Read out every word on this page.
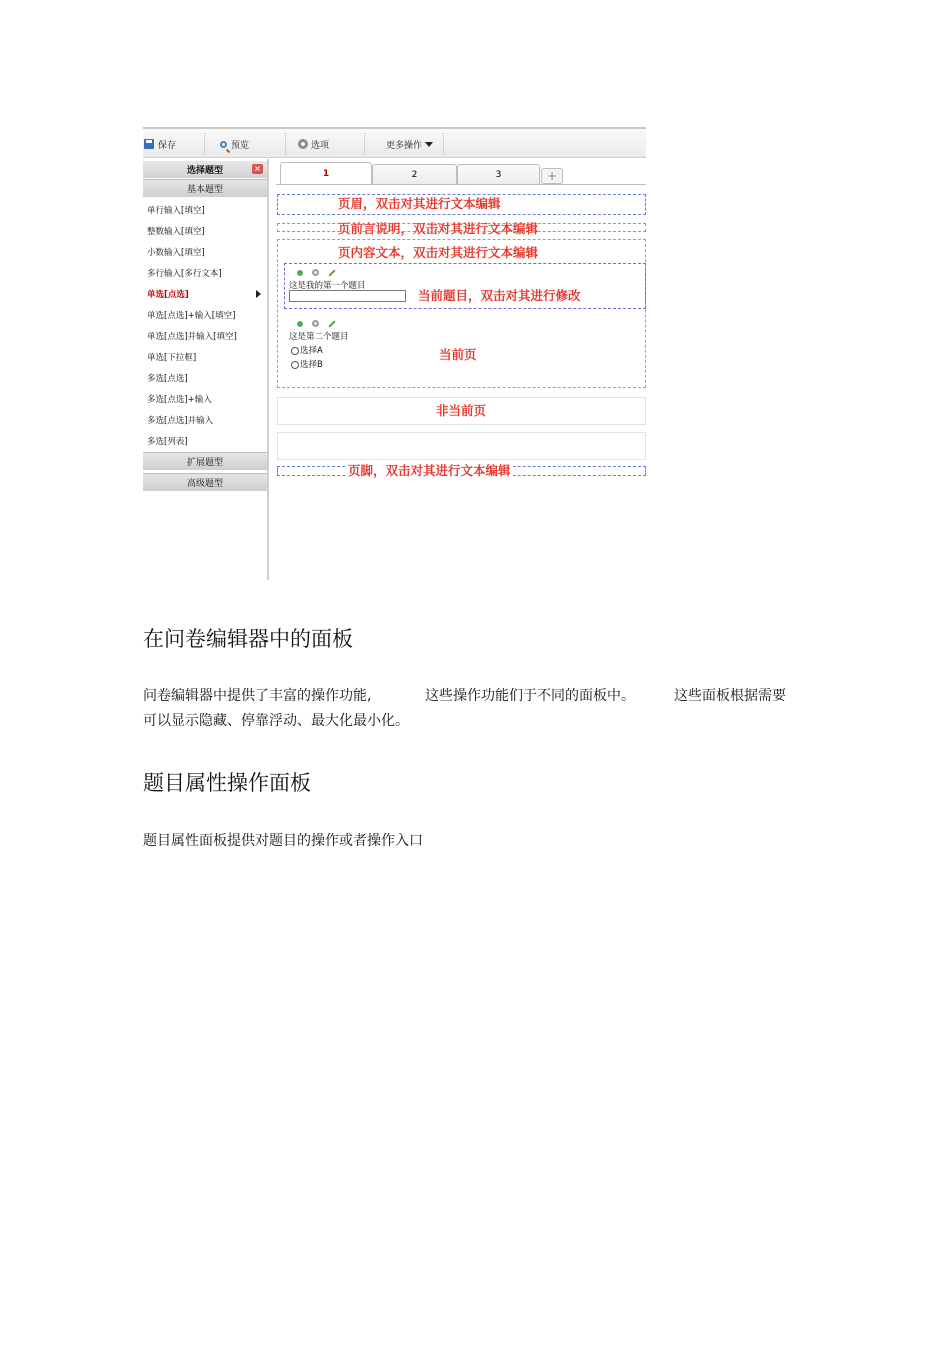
保存	预览	选项	更多操作
选择题型	×
基本题型
单行输入[填空]
整数输入[填空]
小数输入[填空]
多行输入[多行文本]
单选[点选]
单选[点选]+输入[填空]
单选[点选]并输入[填空]
单选[下拉框]
多选[点选]
多选[点选]+输入
多选[点选]并输入
多选[列表]
扩展题型
高级题型
1	2	3	+
页眉，双击对其进行文本编辑
页前言说明，双击对其进行文本编辑
页内容文本，双击对其进行文本编辑
这是我的第一个题目
当前题目，双击对其进行修改
这是第二个题目
选择A
选择B
当前页
非当前页
页脚，双击对其进行文本编辑
在问卷编辑器中的面板
问卷编辑器中提供了丰富的操作功能,	这些操作功能们于不同的面板中。	这些面板根据需要
可以显示隐藏、停靠浮动、最大化最小化。
题目属性操作面板
题目属性面板提供对题目的操作或者操作入口
